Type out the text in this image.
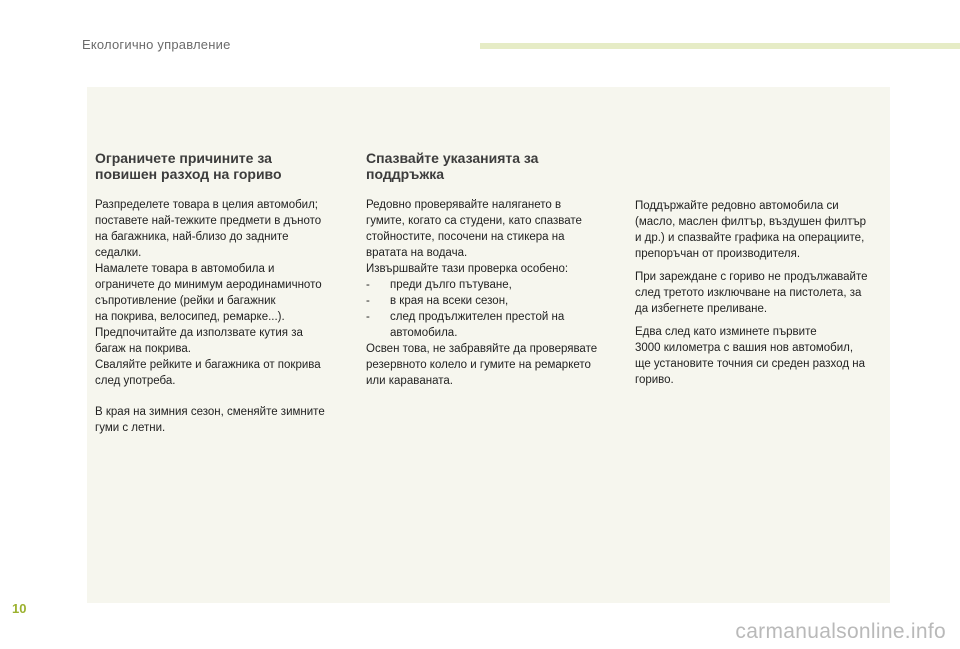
Екологично управление
Ограничете причините за
повишен разход на гориво
Разпределете товара в целия автомобил;
поставете най-тежките предмети в дъното
на багажника, най-близо до задните
седалки.
Намалете товара в автомобила и
ограничете до минимум аеродинамичното
съпротивление (рейки и багажник
на покрива, велосипед, ремарке...).
Предпочитайте да използвате кутия за
багаж на покрива.
Сваляйте рейките и багажника от покрива
след употреба.
В края на зимния сезон, сменяйте зимните
гуми с летни.
Спазвайте указанията за
поддръжка
Редовно проверявайте налягането в
гумите, когато са студени, като спазвате
стойностите, посочени на стикера на
вратата на водача.
Извършвайте тази проверка особено:
-	преди дълго пътуване,
-	в края на всеки сезон,
-	след продължителен престой на
автомобила.
Освен това, не забравяйте да проверявате
резервното колело и гумите на ремаркето
или каравaната.
Поддържайте редовно автомобила си
(масло, маслен филтър, въздушен филтър
и др.) и спазвайте графика на операциите,
препоръчан от производителя.
При зареждане с гориво не продължавайте
след третото изключване на пистолета, за
да избегнете преливане.
Едва след като изминете първите
3000 километра с вашия нов автомобил,
ще установите точния си среден разход на
гориво.
10
carmanualsonline.info
